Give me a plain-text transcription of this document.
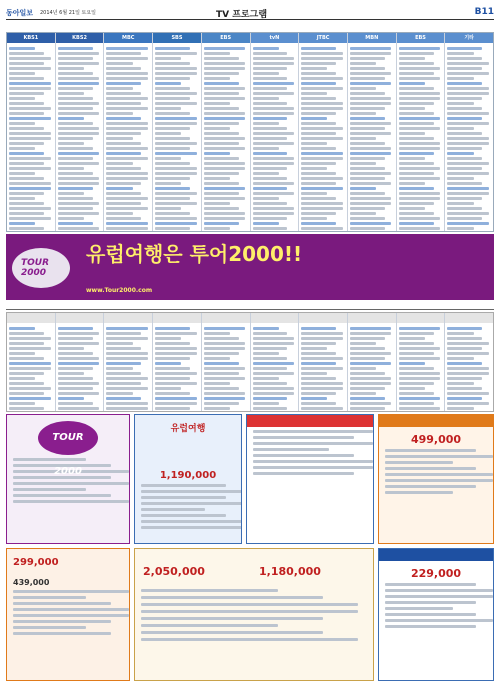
동아일보 2014년 6월 21일 토요일	TV 프로그램	B11
KBS1	KBS2	MBC	SBS	EBS	tvN	JTBC	MBN	EBS	기타
TOUR 2000
유럽여행은 투어2000!!
www.Tour2000.com
TOUR 2000
유럽여행
1,190,000
499,000
299,000
439,000
2,050,000	1,180,000	229,000
